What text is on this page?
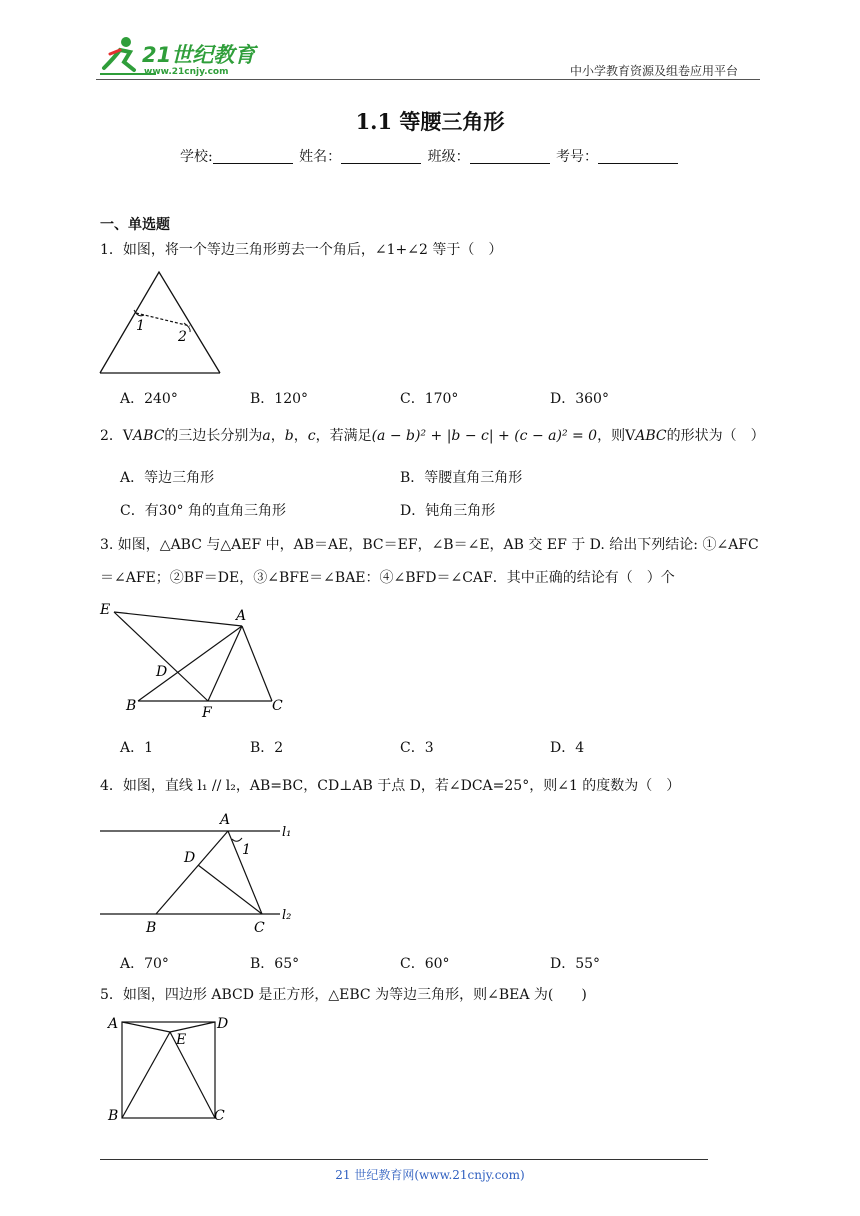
21世纪教育
www.21cnjy.com	中小学教育资源及组卷应用平台
1.1 等腰三角形
学校:	姓名：	班级：	考号：
一、单选题
1．如图，将一个等边三角形剪去一个角后，∠1+∠2 等于（　）
1
2
A．240°	B．120°	C．170°	D．360°
2．VABC的三边长分别为a，b，c，若满足(a − b)² + |b − c| + (c − a)² = 0，则VABC的形状为（　）
A．等边三角形	B．等腰直角三角形
C．有30° 角的直角三角形	D．钝角三角形
3. 如图，△ABC 与△AEF 中，AB＝AE，BC＝EF，∠B＝∠E，AB 交 EF 于 D. 给出下列结论: ①∠AFC
＝∠AFE；②BF＝DE，③∠BFE＝∠BAE：④∠BFD＝∠CAF．其中正确的结论有（　）个
E	A
D
B	F	C
A．1	B．2	C．3	D．4
4．如图，直线 l₁ // l₂，AB=BC，CD⊥AB 于点 D，若∠DCA=25°，则∠1 的度数为（　）
A
l₁
1
D
B	C
l₂
A．70°	B．65°	C．60°	D．55°
5．如图，四边形 ABCD 是正方形，△EBC 为等边三角形，则∠BEA 为(　　)
A	D
E
B	C
21 世纪教育网(www.21cnjy.com)
